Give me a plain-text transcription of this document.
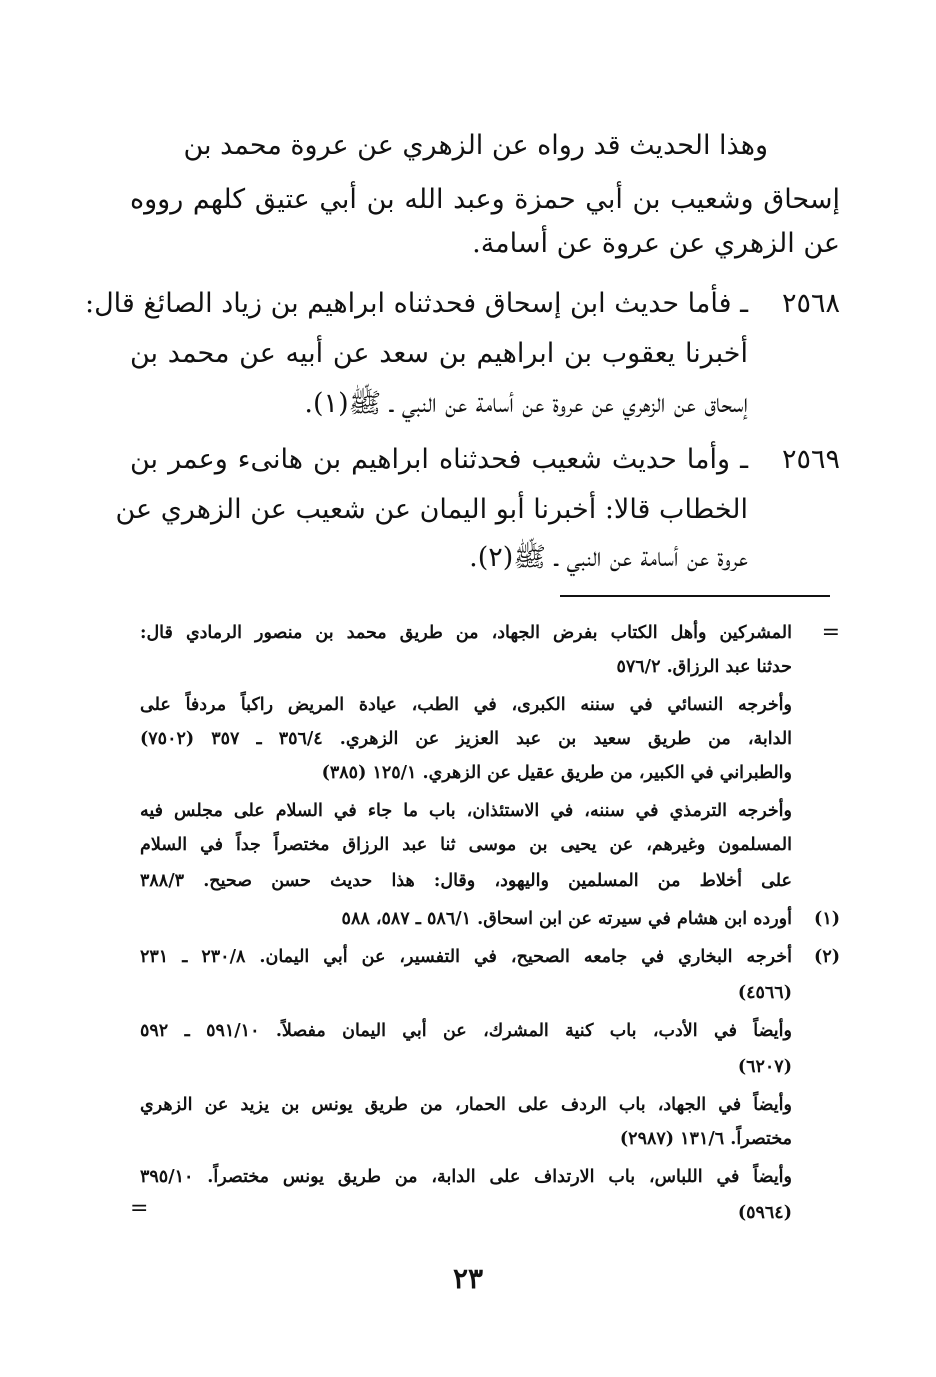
وهذا الحديث قد رواه عن الزهري عن عروة محمد بن
إسحاق وشعيب بن أبي حمزة وعبد الله بن أبي عتيق كلهم رووه
عن الزهري عن عروة عن أسامة.
٢٥٦٨
ـ فأما حديث ابن إسحاق فحدثناه ابراهيم بن زياد الصائغ قال:
أخبرنا يعقوب بن ابراهيم بن سعد عن أبيه عن محمد بن
إسحاق عن الزهري عن عروة عن أسامة عن النبي ـ ﷺ(١).
٢٥٦٩
ـ وأما حديث شعيب فحدثناه ابراهيم بن هانىء وعمر بن
الخطاب قالا: أخبرنا أبو اليمان عن شعيب عن الزهري عن
عروة عن أسامة عن النبي ـ ﷺ(٢).
=
المشركين وأهل الكتاب بفرض الجهاد، من طريق محمد بن منصور الرمادي قال:
حدثنا عبد الرزاق. ٥٧٦/٢
وأخرجه النسائي في سننه الكبرى، في الطب، عيادة المريض راكباً مردفاً على
الدابة، من طريق سعيد بن عبد العزيز عن الزهري. ٣٥٦/٤ ـ ٣٥٧ (٧٥٠٢)
والطبراني في الكبير، من طريق عقيل عن الزهري. ١٢٥/١ (٣٨٥)
وأخرجه الترمذي في سننه، في الاستئذان، باب ما جاء في السلام على مجلس فيه
المسلمون وغيرهم، عن يحيى بن موسى ثنا عبد الرزاق مختصراً جداً في السلام
على أخلاط من المسلمين واليهود، وقال: هذا حديث حسن صحيح. ٣٨٨/٣
(١)
أورده ابن هشام في سيرته عن ابن اسحاق. ٥٨٦/١ ـ ٥٨٧، ٥٨٨
(٢)
أخرجه البخاري في جامعه الصحيح، في التفسير، عن أبي اليمان. ٢٣٠/٨ ـ ٢٣١
(٤٥٦٦)
وأيضاً في الأدب، باب كنية المشرك، عن أبي اليمان مفصلاً. ٥٩١/١٠ ـ ٥٩٢
(٦٢٠٧)
وأيضاً في الجهاد، باب الردف على الحمار، من طريق يونس بن يزيد عن الزهري
مختصراً. ١٣١/٦ (٢٩٨٧)
وأيضاً في اللباس، باب الارتداف على الدابة، من طريق يونس مختصراً. ٣٩٥/١٠
(٥٩٦٤)
=
٢٣
